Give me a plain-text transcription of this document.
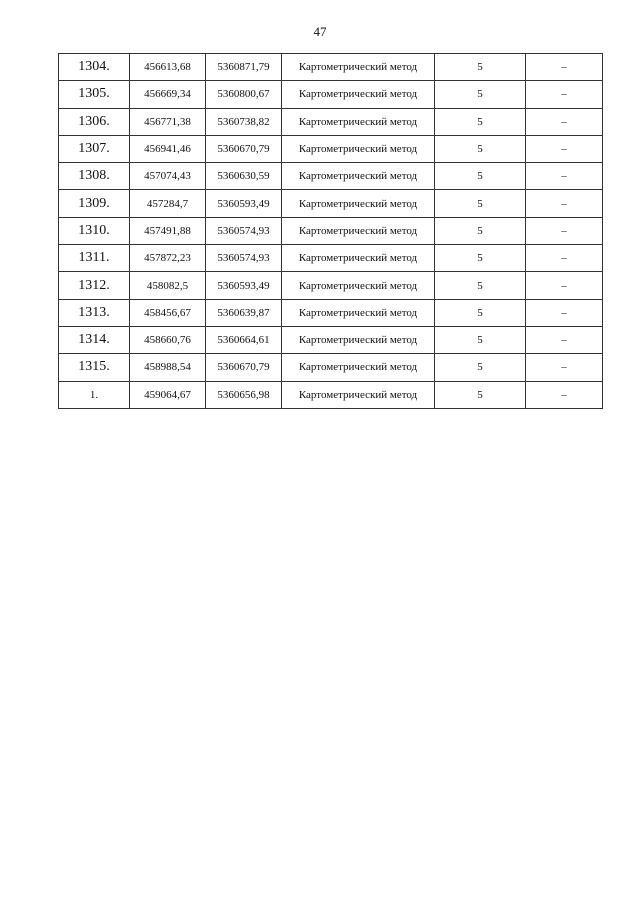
47
1304.	456613,68	5360871,79	Картометрический метод	5	–
1305.	456669,34	5360800,67	Картометрический метод	5	–
1306.	456771,38	5360738,82	Картометрический метод	5	–
1307.	456941,46	5360670,79	Картометрический метод	5	–
1308.	457074,43	5360630,59	Картометрический метод	5	–
1309.	457284,7	5360593,49	Картометрический метод	5	–
1310.	457491,88	5360574,93	Картометрический метод	5	–
1311.	457872,23	5360574,93	Картометрический метод	5	–
1312.	458082,5	5360593,49	Картометрический метод	5	–
1313.	458456,67	5360639,87	Картометрический метод	5	–
1314.	458660,76	5360664,61	Картометрический метод	5	–
1315.	458988,54	5360670,79	Картометрический метод	5	–
1.	459064,67	5360656,98	Картометрический метод	5	–
